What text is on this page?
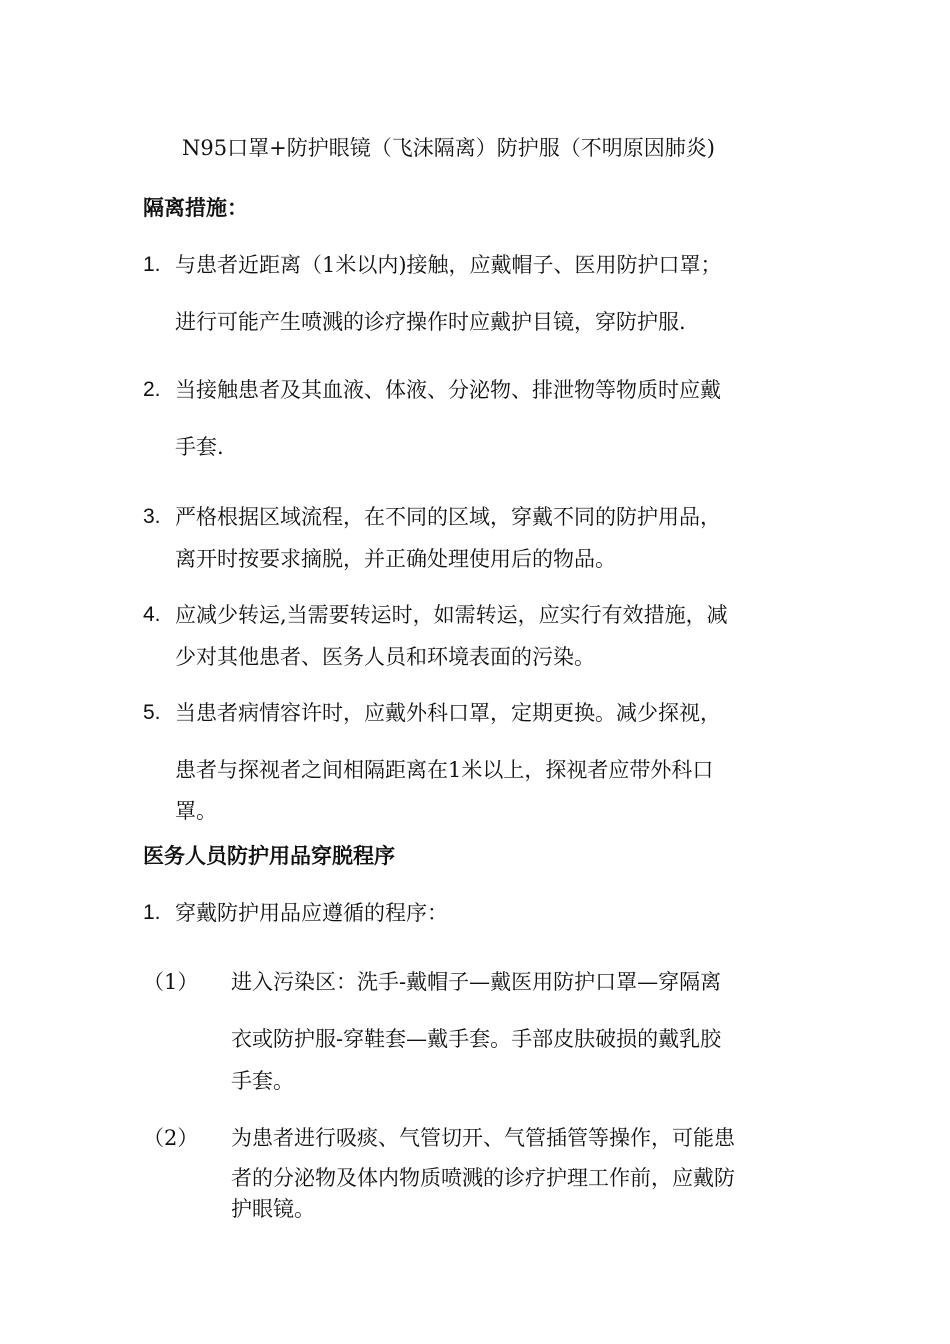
N95口罩+防护眼镜（飞沫隔离）防护服（不明原因肺炎)
隔离措施：
1. 与患者近距离（1米以内)接触，应戴帽子、医用防护口罩；
进行可能产生喷溅的诊疗操作时应戴护目镜，穿防护服.
2. 当接触患者及其血液、体液、分泌物、排泄物等物质时应戴
手套.
3. 严格根据区域流程，在不同的区域，穿戴不同的防护用品，
离开时按要求摘脱，并正确处理使用后的物品。
4. 应减少转运,当需要转运时，如需转运，应实行有效措施，减
少对其他患者、医务人员和环境表面的污染。
5. 当患者病情容许时，应戴外科口罩，定期更换。减少探视，
患者与探视者之间相隔距离在1米以上，探视者应带外科口
罩。
医务人员防护用品穿脱程序
1. 穿戴防护用品应遵循的程序：
（1） 进入污染区：洗手-戴帽子—戴医用防护口罩—穿隔离
衣或防护服-穿鞋套—戴手套。手部皮肤破损的戴乳胶
手套。
（2） 为患者进行吸痰、气管切开、气管插管等操作，可能患
者的分泌物及体内物质喷溅的诊疗护理工作前，应戴防
护眼镜。
